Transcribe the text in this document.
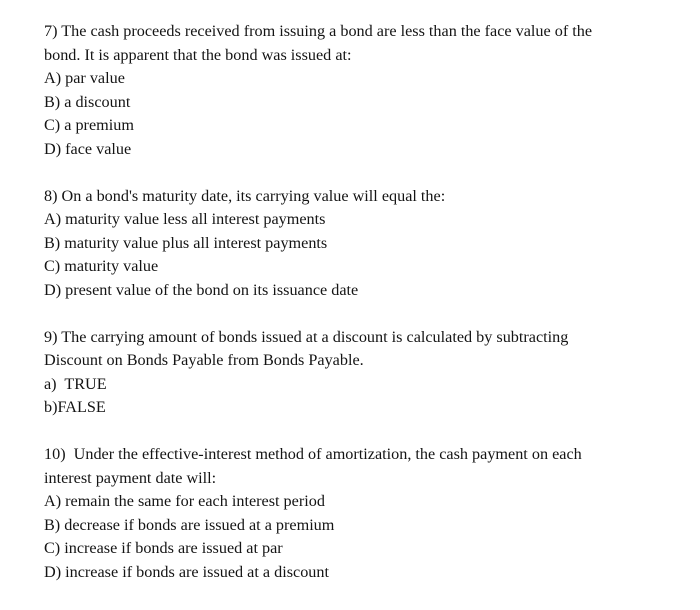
7) The cash proceeds received from issuing a bond are less than the face value of the

bond. It is apparent that the bond was issued at:

A) par value

B) a discount

C) a premium

D) face value

8) On a bond's maturity date, its carrying value will equal the:

A) maturity value less all interest payments

B) maturity value plus all interest payments

C) maturity value

D) present value of the bond on its issuance date

9) The carrying amount of bonds issued at a discount is calculated by subtracting

Discount on Bonds Payable from Bonds Payable.

a)  TRUE

b)FALSE

10)  Under the effective-interest method of amortization, the cash payment on each

interest payment date will:

A) remain the same for each interest period

B) decrease if bonds are issued at a premium

C) increase if bonds are issued at par

D) increase if bonds are issued at a discount
